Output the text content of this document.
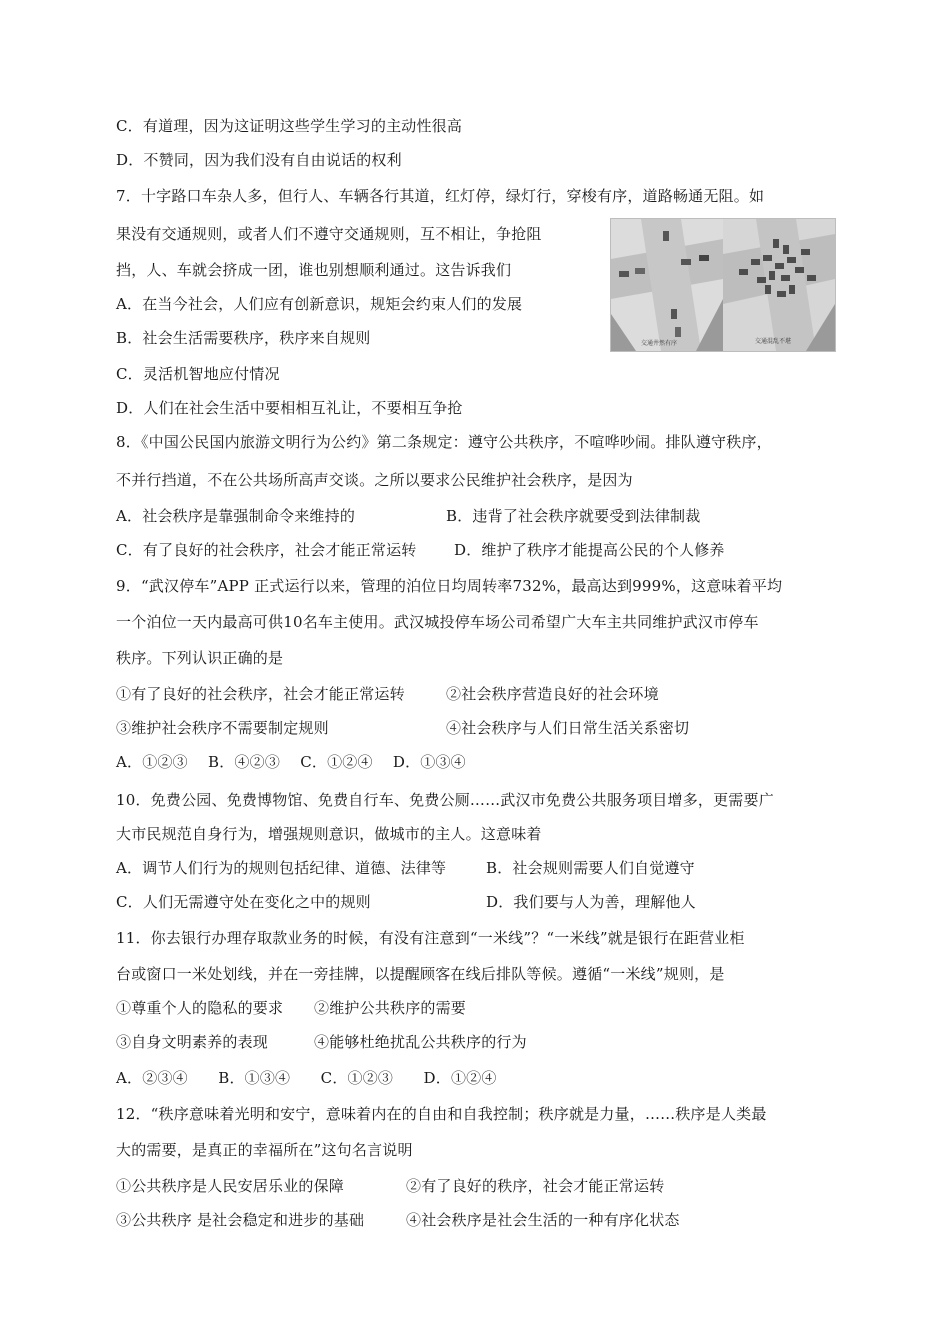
C．有道理，因为这证明这些学生学习的主动性很高
D．不赞同，因为我们没有自由说话的权利
7．十字路口车杂人多，但行人、车辆各行其道，红灯停，绿灯行，穿梭有序，道路畅通无阻。如
果没有交通规则，或者人们不遵守交通规则，互不相让，争抢阻
挡，人、车就会挤成一团，谁也别想顺利通过。这告诉我们
A．在当今社会，人们应有创新意识，规矩会约束人们的发展
B．社会生活需要秩序，秩序来自规则
C．灵活机智地应付情况
D．人们在社会生活中要相相互礼让，不要相互争抢
交通井然有序	交通混乱不堪
8．《中国公民国内旅游文明行为公约》第二条规定：遵守公共秩序，不喧哗吵闹。排队遵守秩序，
不并行挡道，不在公共场所高声交谈。之所以要求公民维护社会秩序，是因为
A．社会秩序是靠强制命令来维持的	B．违背了社会秩序就要受到法律制裁
C．有了良好的社会秩序，社会才能正常运转	D．维护了秩序才能提高公民的个人修养
9．“武汉停车”APP 正式运行以来，管理的泊位日均周转率732%，最高达到999%，这意味着平均
一个泊位一天内最高可供10名车主使用。武汉城投停车场公司希望广大车主共同维护武汉市停车
秩序。下列认识正确的是
①有了良好的社会秩序，社会才能正常运转	②社会秩序营造良好的社会环境
③维护社会秩序不需要制定规则	④社会秩序与人们日常生活关系密切
A．①②③　 B．④②③　 C．①②④　 D．①③④
10．免费公园、免费博物馆、免费自行车、免费公厕……武汉市免费公共服务项目增多，更需要广
大市民规范自身行为，增强规则意识，做城市的主人。这意味着
A．调节人们行为的规则包括纪律、道德、法律等	B．社会规则需要人们自觉遵守
C．人们无需遵守处在变化之中的规则	D．我们要与人为善，理解他人
11．你去银行办理存取款业务的时候，有没有注意到“一米线”？“一米线”就是银行在距营业柜
台或窗口一米处划线，并在一旁挂牌，以提醒顾客在线后排队等候。遵循“一米线”规则，是
①尊重个人的隐私的要求	②维护公共秩序的需要
③自身文明素养的表现	④能够杜绝扰乱公共秩序的行为
A．②③④　　B．①③④　　C．①②③　　D．①②④
12．“秩序意味着光明和安宁，意味着内在的自由和自我控制；秩序就是力量，……秩序是人类最
大的需要，是真正的幸福所在”这句名言说明
①公共秩序是人民安居乐业的保障	②有了良好的秩序，社会才能正常运转
③公共秩序 是社会稳定和进步的基础	④社会秩序是社会生活的一种有序化状态
